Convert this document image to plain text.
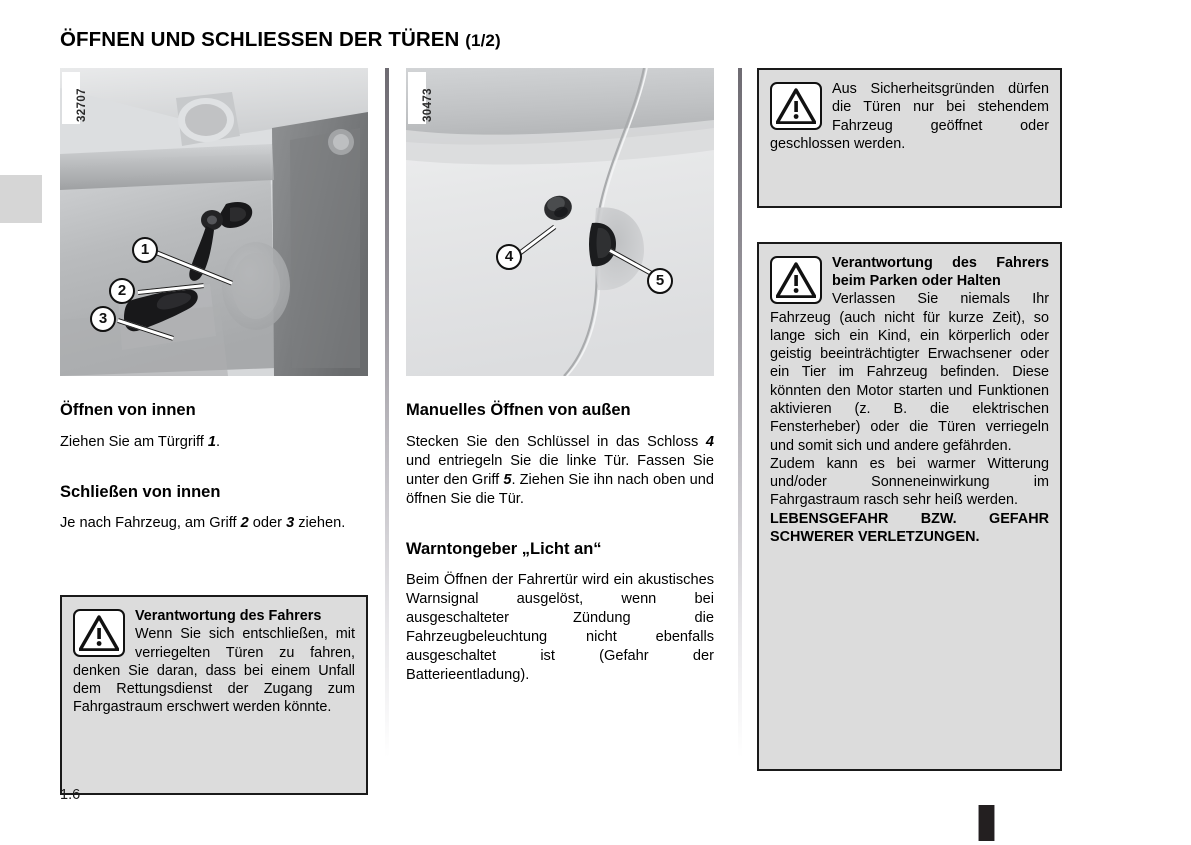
ÖFFNEN UND SCHLIESSEN DER TÜREN (1/2)
1
2
3
32707
Öffnen von innen

Ziehen Sie am Türgriff 1.

Schließen von innen

Je nach Fahrzeug, am Griff 2 oder 3 ziehen.

Verantwortung des Fahrers

Wenn Sie sich entschließen, mit verriegelten Türen zu fahren, denken Sie daran, dass bei einem Unfall dem Rettungsdienst der Zugang zum Fahrgastraum erschwert werden könnte.

4
5
30473
Manuelles Öffnen von außen

Stecken Sie den Schlüssel in das Schloss 4 und entriegeln Sie die linke Tür. Fassen Sie unter den Griff 5. Ziehen Sie ihn nach oben und öffnen Sie die Tür.

Warntongeber „Licht an“

Beim Öffnen der Fahrertür wird ein akustisches Warnsignal ausgelöst, wenn bei ausgeschalteter Zündung die Fahrzeugbeleuchtung nicht ebenfalls ausgeschaltet ist (Gefahr der Batterieentladung).

Aus Sicherheitsgründen dürfen die Türen nur bei stehendem Fahrzeug geöffnet oder geschlossen werden.

Verantwortung des Fahrers beim Parken oder Halten

Verlassen Sie niemals Ihr Fahrzeug (auch nicht für kurze Zeit), so lange sich ein Kind, ein körperlich oder geistig beeinträchtigter Erwachsener oder ein Tier im Fahrzeug befinden. Diese könnten den Motor starten und Funktionen aktivieren (z. B. die elektrischen Fensterheber) oder die Türen verriegeln und somit sich und andere gefährden.

Zudem kann es bei warmer Witterung und/oder Sonneneinwirkung im Fahrgastraum rasch sehr heiß werden.

LEBENSGEFAHR BZW. GEFAHR SCHWERER VERLETZUNGEN.

1.6
